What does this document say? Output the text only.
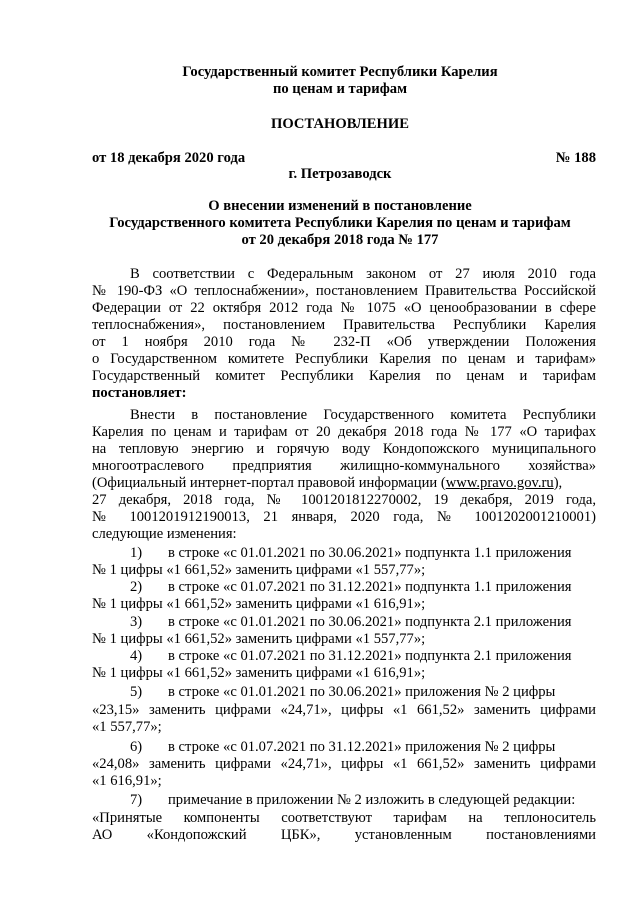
Государственный комитет Республики Карелия
по ценам и тарифам
ПОСТАНОВЛЕНИЕ
от 18 декабря 2020 года	№ 188
г. Петрозаводск
О внесении изменений в постановление
Государственного комитета Республики Карелия по ценам и тарифам
от 20 декабря 2018 года № 177
В соответствии с Федеральным законом от 27 июля 2010 года
№ 190-ФЗ «О теплоснабжении», постановлением Правительства Российской
Федерации от 22 октября 2012 года № 1075 «О ценообразовании в сфере
теплоснабжения», постановлением Правительства Республики Карелия
от 1 ноября 2010 года № 232-П «Об утверждении Положения
о Государственном комитете Республики Карелия по ценам и тарифам»
Государственный комитет Республики Карелия по ценам и тарифам
постановляет:
Внести в постановление Государственного комитета Республики
Карелия по ценам и тарифам от 20 декабря 2018 года № 177 «О тарифах
на тепловую энергию и горячую воду Кондопожского муниципального
многоотраслевого предприятия жилищно-коммунального хозяйства»
(Официальный интернет-портал правовой информации (www.pravo.gov.ru),
27 декабря, 2018 года, № 1001201812270002, 19 декабря, 2019 года,
№ 1001201912190013, 21 января, 2020 года, № 1001202001210001)
следующие изменения:
1) в строке «с 01.01.2021 по 30.06.2021» подпункта 1.1 приложения
№ 1 цифры «1 661,52» заменить цифрами «1 557,77»;
2) в строке «с 01.07.2021 по 31.12.2021» подпункта 1.1 приложения
№ 1 цифры «1 661,52» заменить цифрами «1 616,91»;
3) в строке «с 01.01.2021 по 30.06.2021» подпункта 2.1 приложения
№ 1 цифры «1 661,52» заменить цифрами «1 557,77»;
4) в строке «с 01.07.2021 по 31.12.2021» подпункта 2.1 приложения
№ 1 цифры «1 661,52» заменить цифрами «1 616,91»;
5) в строке «с 01.01.2021 по 30.06.2021» приложения № 2 цифры
«23,15» заменить цифрами «24,71», цифры «1 661,52» заменить цифрами
«1 557,77»;
6) в строке «с 01.07.2021 по 31.12.2021» приложения № 2 цифры
«24,08» заменить цифрами «24,71», цифры «1 661,52» заменить цифрами
«1 616,91»;
7) примечание в приложении № 2 изложить в следующей редакции:
«Принятые компоненты соответствуют тарифам на теплоноситель
АО «Кондопожский ЦБК», установленным постановлениями
